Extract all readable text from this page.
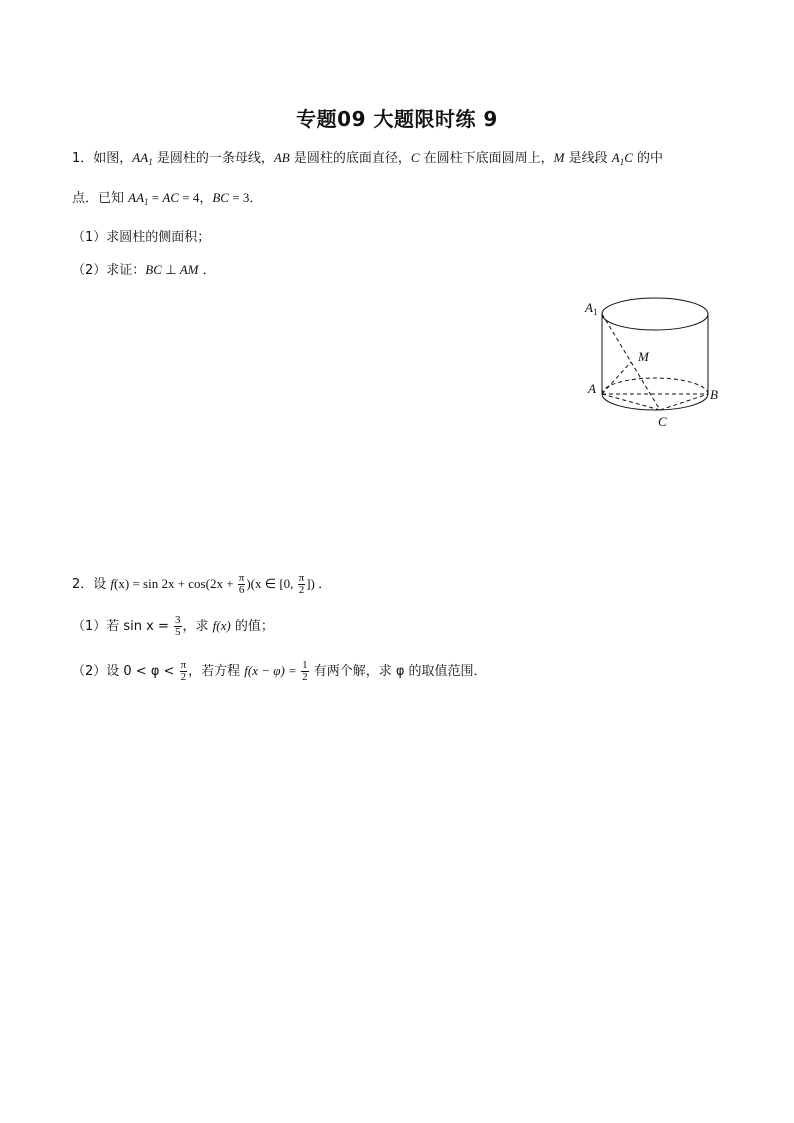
专题09 大题限时练 9
1．如图，$AA_1$ 是圆柱的一条母线，AB 是圆柱的底面直径，C 在圆柱下底面圆周上，M 是线段 $A_1C$ 的中
点．已知 $AA_1$ = AC = 4，BC = 3．
（1）求圆柱的侧面积；
（2）求证：BC ⊥ AM ．
$A_1$
M
A	B
C
2．设 $f(x) = \sin 2x + \cos(2x + \frac{\pi}{6} )(x$ ∈ [0, $\frac{\pi}{2}$ ]) ．
（1）若 $\sin x = \frac{3}{5}$ ，求 f(x) 的值；
（2）设 $0 < \varphi < \frac{\pi}{2}$ ，若方程 $f(x - \varphi) = \frac{1}{2}$ 有两个解，求 φ 的取值范围．
